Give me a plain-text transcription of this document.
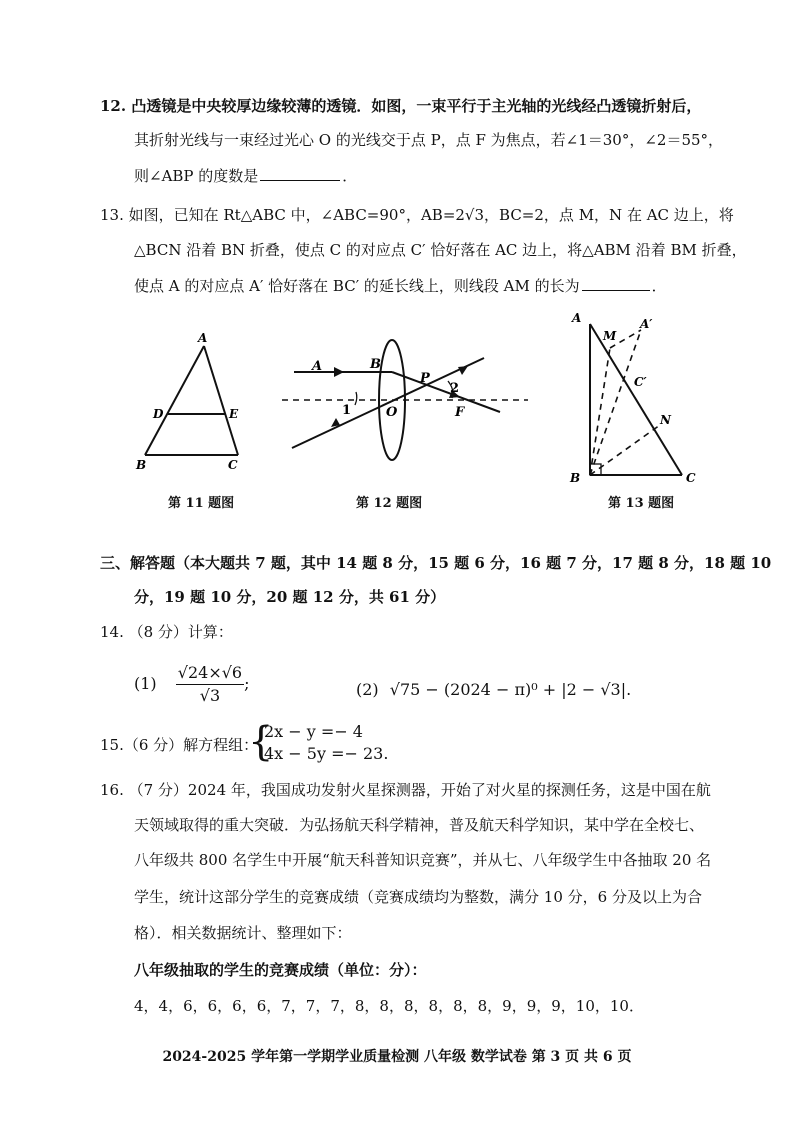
12. 凸透镜是中央较厚边缘较薄的透镜．如图，一束平行于主光轴的光线经凸透镜折射后，
其折射光线与一束经过光心 O 的光线交于点 P，点 F 为焦点，若∠1＝30°，∠2＝55°，
则∠ABP 的度数是	．
13. 如图，已知在 Rt△ABC 中，∠ABC=90°，AB=2√3，BC=2，点 M，N 在 AC 边上，将
△BCN 沿着 BN 折叠，使点 C 的对应点 C′ 恰好落在 AC 边上，将△ABM 沿着 BM 折叠，
使点 A 的对应点 A′ 恰好落在 BC′ 的延长线上，则线段 AM 的长为	．
A
D	E
B	C
A	B
P
O	F
1
2
A
M
A′
C′
N
B	C
第 11 题图	第 12 题图	第 13 题图
三、解答题（本大题共 7 题，其中 14 题 8 分，15 题 6 分，16 题 7 分，17 题 8 分，18 题 10
分，19 题 10 分，20 题 12 分，共 61 分）
14. （8 分）计算：
$(1) \frac{√24\times√6}{√3}$ ;	(2) √75 − (2024 − π)⁰ + |2 − √3|.
15.（6 分）解方程组：
{
2x − y =− 4
4x − 5y =− 23.
16. （7 分）2024 年，我国成功发射火星探测器，开始了对火星的探测任务，这是中国在航
天领域取得的重大突破．为弘扬航天科学精神，普及航天科学知识，某中学在全校七、
八年级共 800 名学生中开展“航天科普知识竞赛”，并从七、八年级学生中各抽取 20 名
学生，统计这部分学生的竞赛成绩（竞赛成绩均为整数，满分 10 分，6 分及以上为合
格）．相关数据统计、整理如下：
八年级抽取的学生的竞赛成绩（单位：分）：
4，4，6，6，6，6，7，7，7，8，8，8，8，8，8，9，9，9，10，10．
2024-2025 学年第一学期学业质量检测 八年级 数学试卷 第 3 页 共 6 页
